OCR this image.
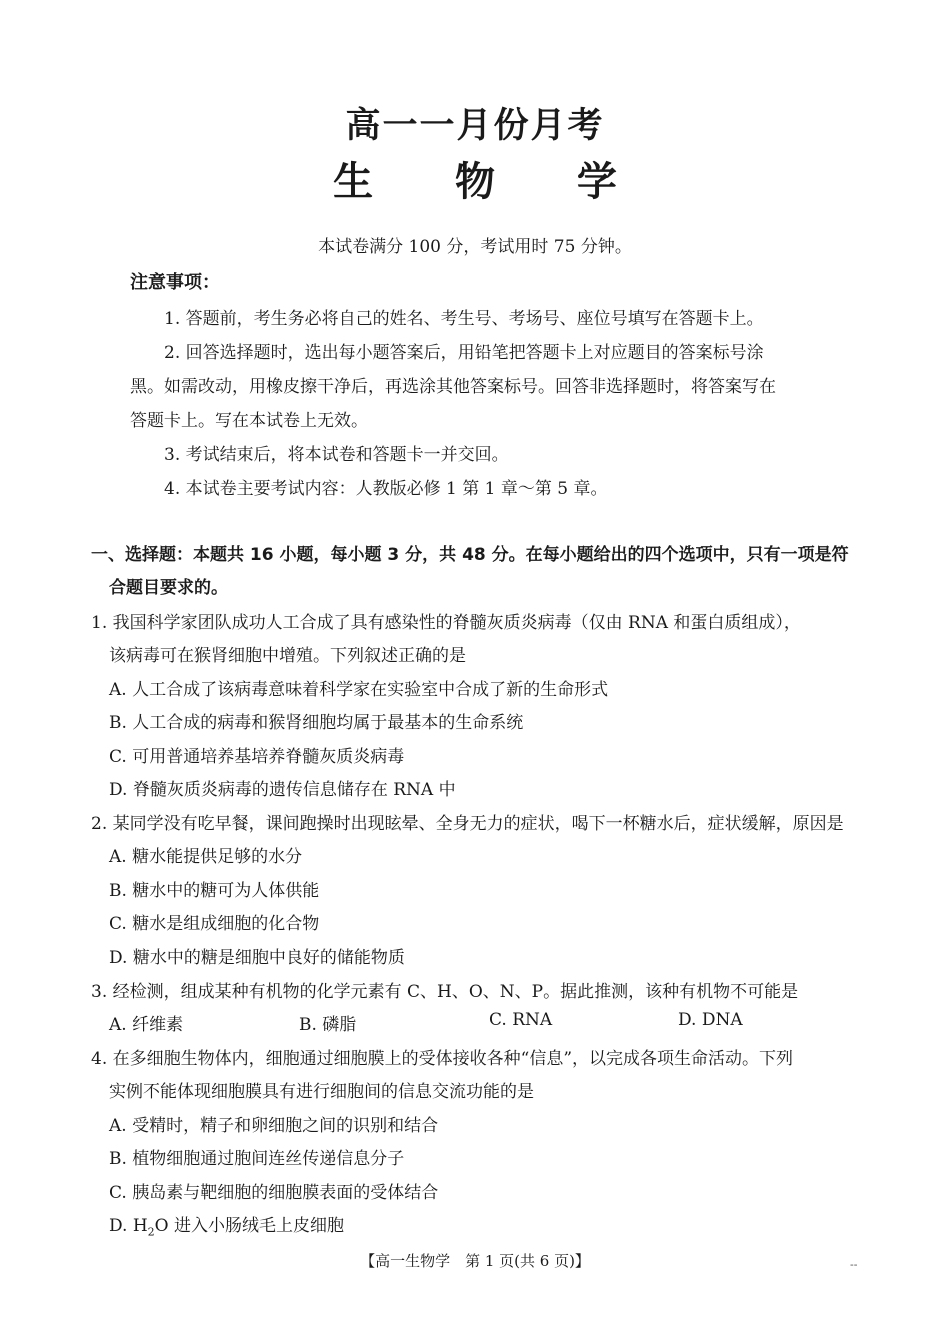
高一一月份月考
生 物 学
本试卷满分 100 分，考试用时 75 分钟。
注意事项：
1. 答题前，考生务必将自己的姓名、考生号、考场号、座位号填写在答题卡上。
2. 回答选择题时，选出每小题答案后，用铅笔把答题卡上对应题目的答案标号涂
黑。如需改动，用橡皮擦干净后，再选涂其他答案标号。回答非选择题时，将答案写在
答题卡上。写在本试卷上无效。
3. 考试结束后，将本试卷和答题卡一并交回。
4. 本试卷主要考试内容：人教版必修 1 第 1 章～第 5 章。
一、选择题：本题共 16 小题，每小题 3 分，共 48 分。在每小题给出的四个选项中，只有一项是符
合题目要求的。
1. 我国科学家团队成功人工合成了具有感染性的脊髓灰质炎病毒（仅由 RNA 和蛋白质组成），
该病毒可在猴肾细胞中增殖。下列叙述正确的是
A. 人工合成了该病毒意味着科学家在实验室中合成了新的生命形式
B. 人工合成的病毒和猴肾细胞均属于最基本的生命系统
C. 可用普通培养基培养脊髓灰质炎病毒
D. 脊髓灰质炎病毒的遗传信息储存在 RNA 中
2. 某同学没有吃早餐，课间跑操时出现眩晕、全身无力的症状，喝下一杯糖水后，症状缓解，原因是
A. 糖水能提供足够的水分
B. 糖水中的糖可为人体供能
C. 糖水是组成细胞的化合物
D. 糖水中的糖是细胞中良好的储能物质
3. 经检测，组成某种有机物的化学元素有 C、H、O、N、P。据此推测，该种有机物不可能是
A. 纤维素	B. 磷脂	C. RNA	D. DNA
4. 在多细胞生物体内，细胞通过细胞膜上的受体接收各种“信息”，以完成各项生命活动。下列
实例不能体现细胞膜具有进行细胞间的信息交流功能的是
A. 受精时，精子和卵细胞之间的识别和结合
B. 植物细胞通过胞间连丝传递信息分子
C. 胰岛素与靶细胞的细胞膜表面的受体结合
D. $H_2O$ 进入小肠绒毛上皮细胞
【高一生物学　第 1 页(共 6 页)】	--
